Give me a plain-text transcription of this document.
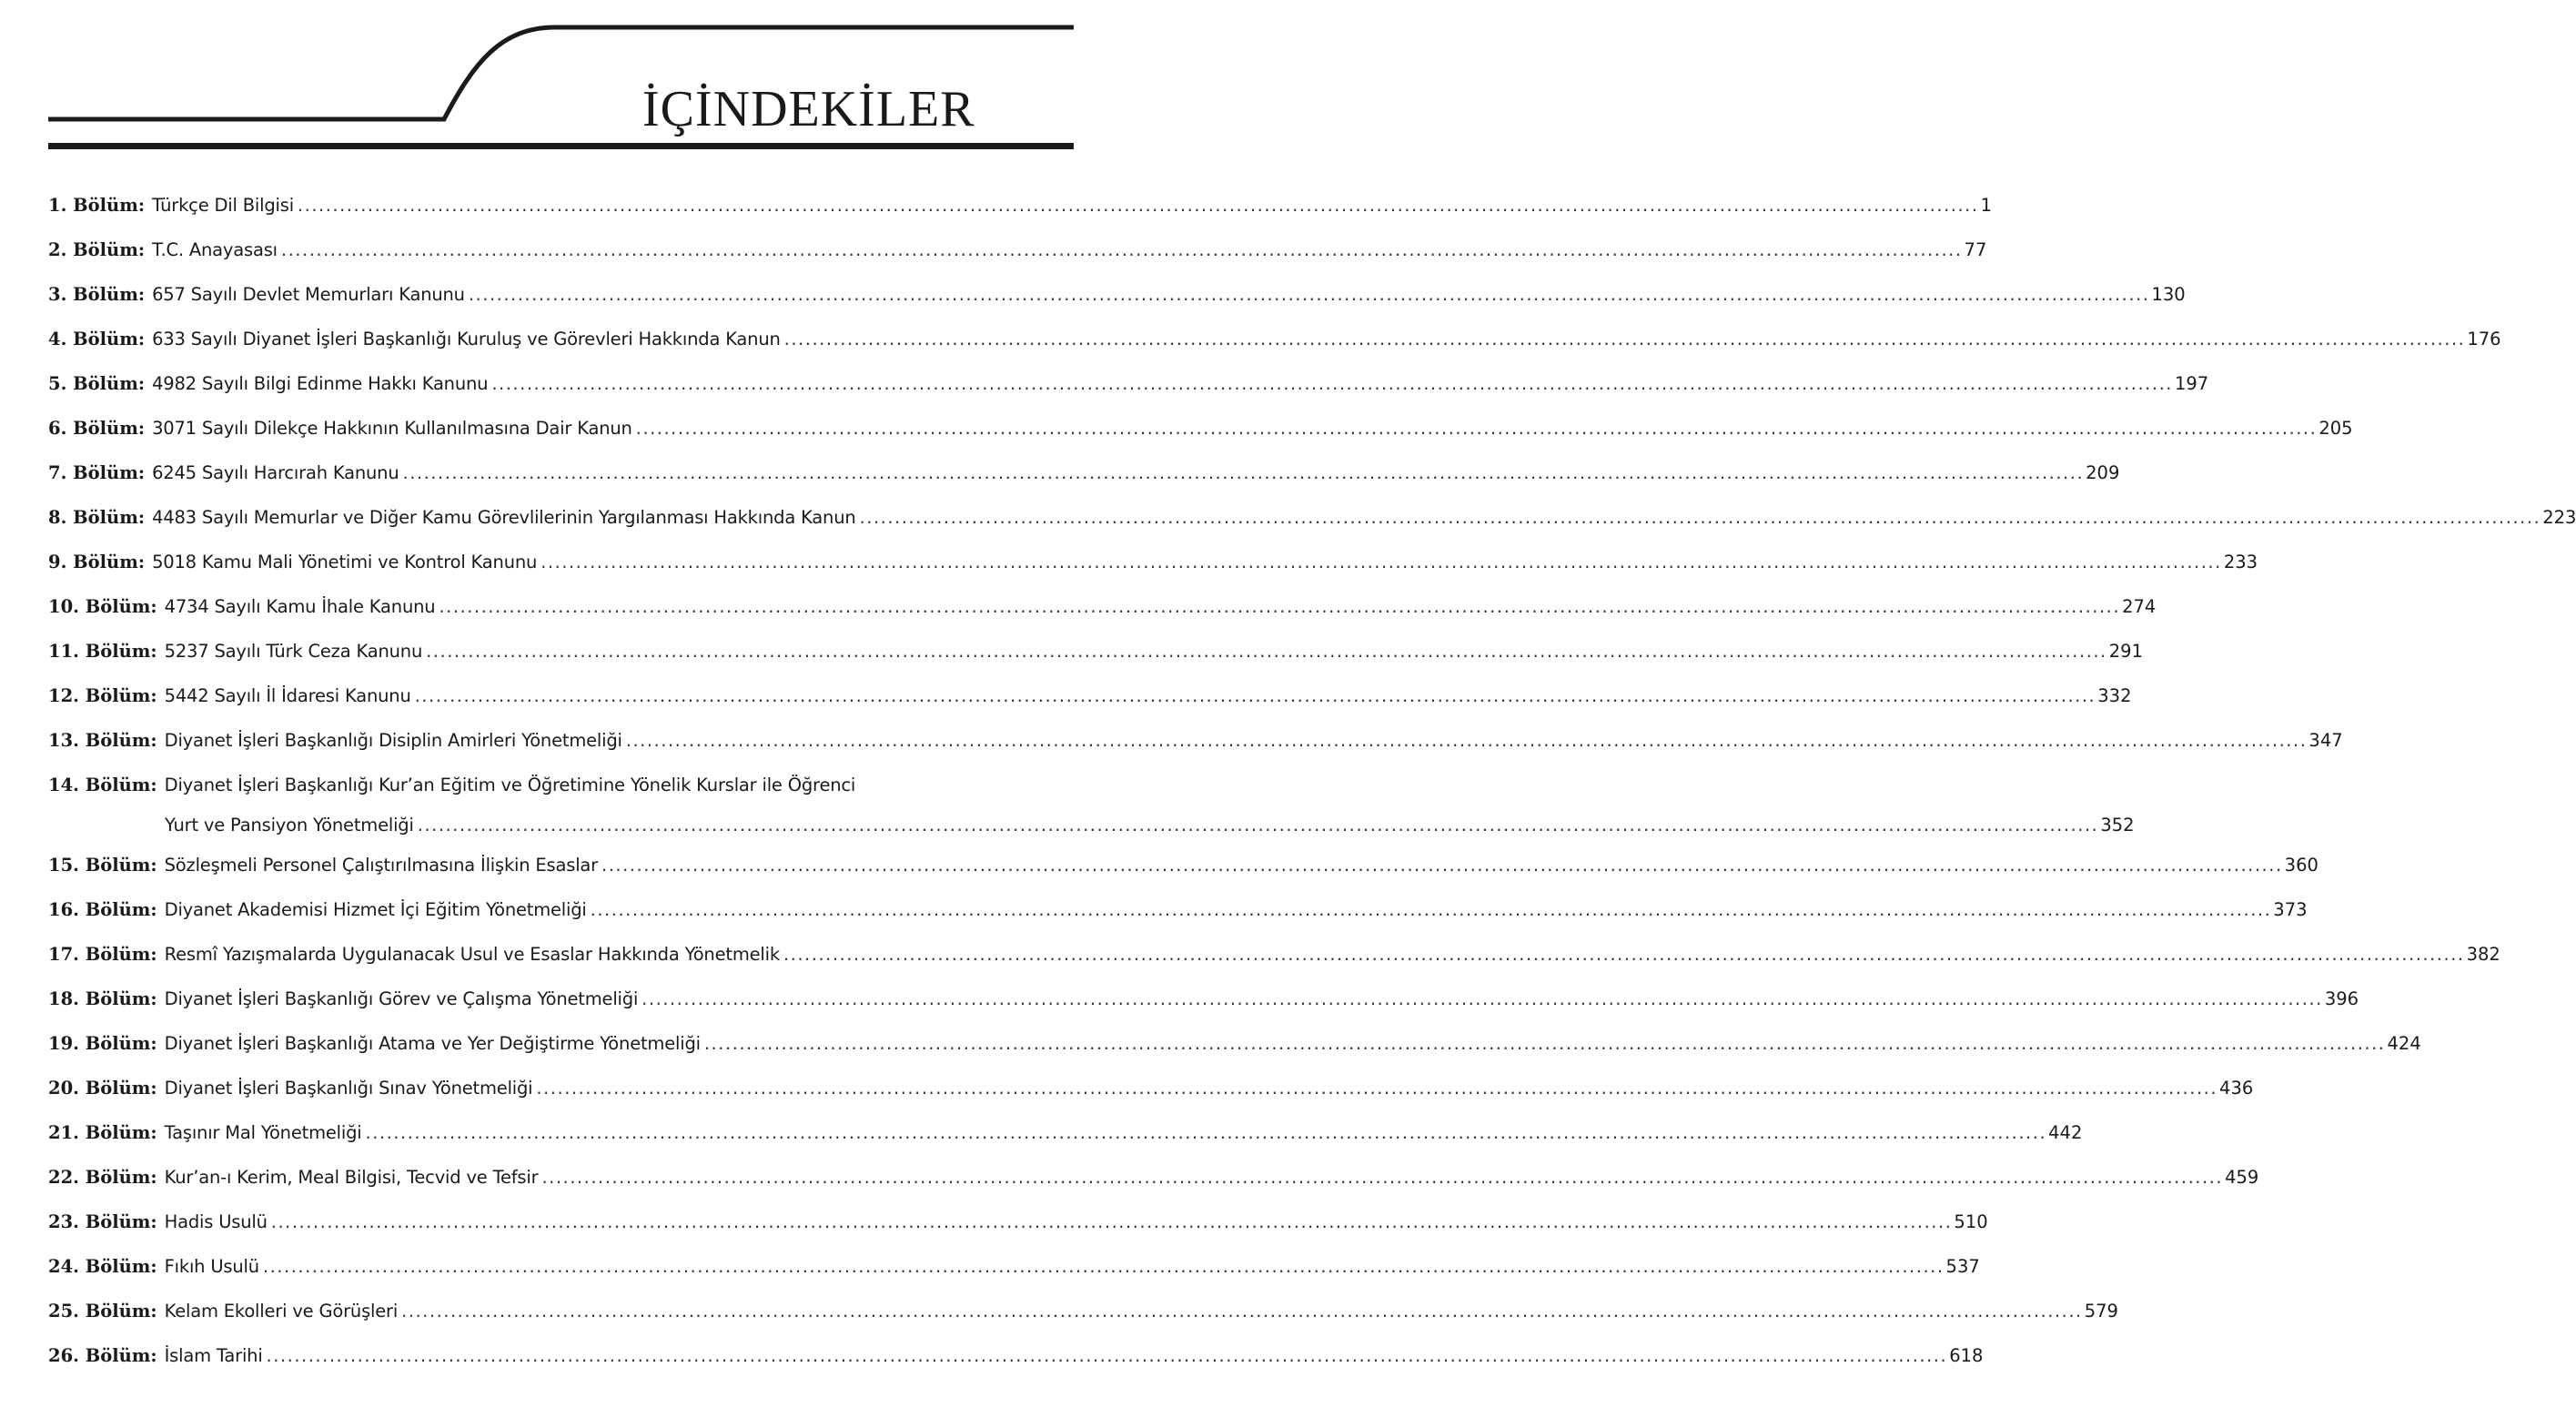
İÇİNDEKİLER
1. Bölüm: Türkçe Dil Bilgisi .....	1
2. Bölüm: T.C. Anayasası .....	77
3. Bölüm: 657 Sayılı Devlet Memurları Kanunu .....	130
4. Bölüm: 633 Sayılı Diyanet İşleri Başkanlığı Kuruluş ve Görevleri Hakkında Kanun .....	176
5. Bölüm: 4982 Sayılı Bilgi Edinme Hakkı Kanunu .....	197
6. Bölüm: 3071 Sayılı Dilekçe Hakkının Kullanılmasına Dair Kanun .....	205
7. Bölüm: 6245 Sayılı Harcırah Kanunu .....	209
8. Bölüm: 4483 Sayılı Memurlar ve Diğer Kamu Görevlilerinin Yargılanması Hakkında Kanun .....	223
9. Bölüm: 5018 Kamu Mali Yönetimi ve Kontrol Kanunu .....	233
10. Bölüm: 4734 Sayılı Kamu İhale Kanunu .....	274
11. Bölüm: 5237 Sayılı Türk Ceza Kanunu .....	291
12. Bölüm: 5442 Sayılı İl İdaresi Kanunu .....	332
13. Bölüm: Diyanet İşleri Başkanlığı Disiplin Amirleri Yönetmeliği .....	347
14. Bölüm: Diyanet İşleri Başkanlığı Kur’an Eğitim ve Öğretimine Yönelik Kurslar ile Öğrenci
Yurt ve Pansiyon Yönetmeliği .....	352
15. Bölüm: Sözleşmeli Personel Çalıştırılmasına İlişkin Esaslar .....	360
16. Bölüm: Diyanet Akademisi Hizmet İçi Eğitim Yönetmeliği .....	373
17. Bölüm: Resmî Yazışmalarda Uygulanacak Usul ve Esaslar Hakkında Yönetmelik .....	382
18. Bölüm: Diyanet İşleri Başkanlığı Görev ve Çalışma Yönetmeliği .....	396
19. Bölüm: Diyanet İşleri Başkanlığı Atama ve Yer Değiştirme Yönetmeliği .....	424
20. Bölüm: Diyanet İşleri Başkanlığı Sınav Yönetmeliği .....	436
21. Bölüm: Taşınır Mal Yönetmeliği .....	442
22. Bölüm: Kur’an-ı Kerim, Meal Bilgisi, Tecvid ve Tefsir .....	459
23. Bölüm: Hadis Usulü .....	510
24. Bölüm: Fıkıh Usulü .....	537
25. Bölüm: Kelam Ekolleri ve Görüşleri .....	579
26. Bölüm: İslam Tarihi .....	618
